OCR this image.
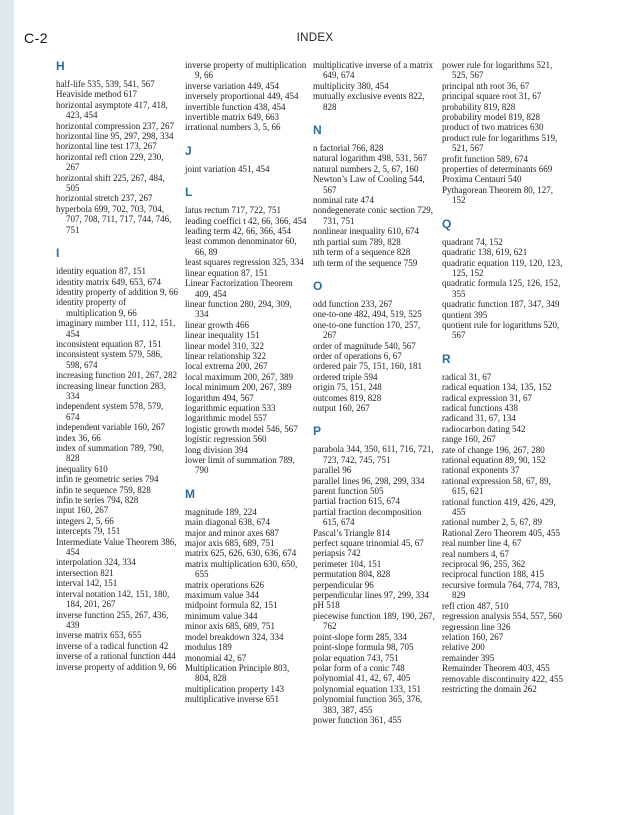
C-2	INDEX
H
half-life 535, 539, 541, 567
Heaviside method 617
horizontal asymptote 417, 418, 423, 454
horizontal compression 237, 267
horizontal line 95, 297, 298, 334
horizontal line test 173, 267
horizontal refl ction 229, 230, 267
horizontal shift 225, 267, 484, 505
horizontal stretch 237, 267
hyperbola 699, 702, 703, 704, 707, 708, 711, 717, 744, 746, 751
I
identity equation 87, 151
identity matrix 649, 653, 674
identity property of addition 9, 66
identity property of multiplication 9, 66
imaginary number 111, 112, 151, 454
inconsistent equation 87, 151
inconsistent system 579, 586, 598, 674
increasing function 201, 267, 282
increasing linear function 283, 334
independent system 578, 579, 674
independent variable 160, 267
index 36, 66
index of summation 789, 790, 828
inequality 610
infin te geometric series 794
infin te sequence 759, 828
infin te series 794, 828
input 160, 267
integers 2, 5, 66
intercepts 79, 151
Intermediate Value Theorem 386, 454
interpolation 324, 334
intersection 821
interval 142, 151
interval notation 142, 151, 180, 184, 201, 267
inverse function 255, 267, 436, 439
inverse matrix 653, 655
inverse of a radical function 42
inverse of a rational function 444
inverse property of addition 9, 66
inverse property of multiplication 9, 66
inverse variation 449, 454
inversely proportional 449, 454
invertible function 438, 454
invertible matrix 649, 663
irrational numbers 3, 5, 66
J
joint variation 451, 454
L
latus rectum 717, 722, 751
leading coeffici t 42, 66, 366, 454
leading term 42, 66, 366, 454
least common denominator 60, 66, 89
least squares regression 325, 334
linear equation 87, 151
Linear Factorization Theorem 409, 454
linear function 280, 294, 309, 334
linear growth 466
linear inequality 151
linear model 310, 322
linear relationship 322
local extrema 200, 267
local maximum 200, 267, 389
local minimum 200, 267, 389
logarithm 494, 567
logarithmic equation 533
logarithmic model 557
logistic growth model 546, 567
logistic regression 560
long division 394
lower limit of summation 789, 790
M
magnitude 189, 224
main diagonal 638, 674
major and minor axes 687
major axis 685, 689, 751
matrix 625, 626, 630, 636, 674
matrix multiplication 630, 650, 655
matrix operations 626
maximum value 344
midpoint formula 82, 151
minimum value 344
minor axis 685, 689, 751
model breakdown 324, 334
modulus 189
monomial 42, 67
Multiplication Principle 803, 804, 828
multiplication property 143
multiplicative inverse 651
multiplicative inverse of a matrix 649, 674
multiplicity 380, 454
mutually exclusive events 822, 828
N
n factorial 766, 828
natural logarithm 498, 531, 567
natural numbers 2, 5, 67, 160
Newton’s Law of Cooling 544, 567
nominal rate 474
nondegenerate conic section 729, 731, 751
nonlinear inequality 610, 674
nth partial sum 789, 828
nth term of a sequence 828
nth term of the sequence 759
O
odd function 233, 267
one-to-one 482, 494, 519, 525
one-to-one function 170, 257, 267
order of magnitude 540, 567
order of operations 6, 67
ordered pair 75, 151, 160, 181
ordered triple 594
origin 75, 151, 248
outcomes 819, 828
output 160, 267
P
parabola 344, 350, 611, 716, 721, 723, 742, 745, 751
parallel 96
parallel lines 96, 298, 299, 334
parent function 505
partial fraction 615, 674
partial fraction decomposition 615, 674
Pascal’s Triangle 814
perfect square trinomial 45, 67
periapsis 742
perimeter 104, 151
permutation 804, 828
perpendicular 96
perpendicular lines 97, 299, 334
pH 518
piecewise function 189, 190, 267, 762
point-slope form 285, 334
point-slope formula 98, 705
polar equation 743, 751
polar form of a conic 748
polynomial 41, 42, 67, 405
polynomial equation 133, 151
polynomial function 365, 376, 383, 387, 455
power function 361, 455
power rule for logarithms 521, 525, 567
principal nth root 36, 67
principal square root 31, 67
probability 819, 828
probability model 819, 828
product of two matrices 630
product rule for logarithms 519, 521, 567
profit function 589, 674
properties of determinants 669
Proxima Centauri 540
Pythagorean Theorem 80, 127, 152
Q
quadrant 74, 152
quadratic 138, 619, 621
quadratic equation 119, 120, 123, 125, 152
quadratic formula 125, 126, 152, 355
quadratic function 187, 347, 349
quotient 395
quotient rule for logarithms 520, 567
R
radical 31, 67
radical equation 134, 135, 152
radical expression 31, 67
radical functions 438
radicand 31, 67, 134
radiocarbon dating 542
range 160, 267
rate of change 196, 267, 280
rational equation 89, 90, 152
rational exponents 37
rational expression 58, 67, 89, 615, 621
rational function 419, 426, 429, 455
rational number 2, 5, 67, 89
Rational Zero Theorem 405, 455
real number line 4, 67
real numbers 4, 67
reciprocal 96, 255, 362
reciprocal function 188, 415
recursive formula 764, 774, 783, 829
refl ction 487, 510
regression analysis 554, 557, 560
regression line 326
relation 160, 267
relative 200
remainder 395
Remainder Theorem 403, 455
removable discontinuity 422, 455
restricting the domain 262
